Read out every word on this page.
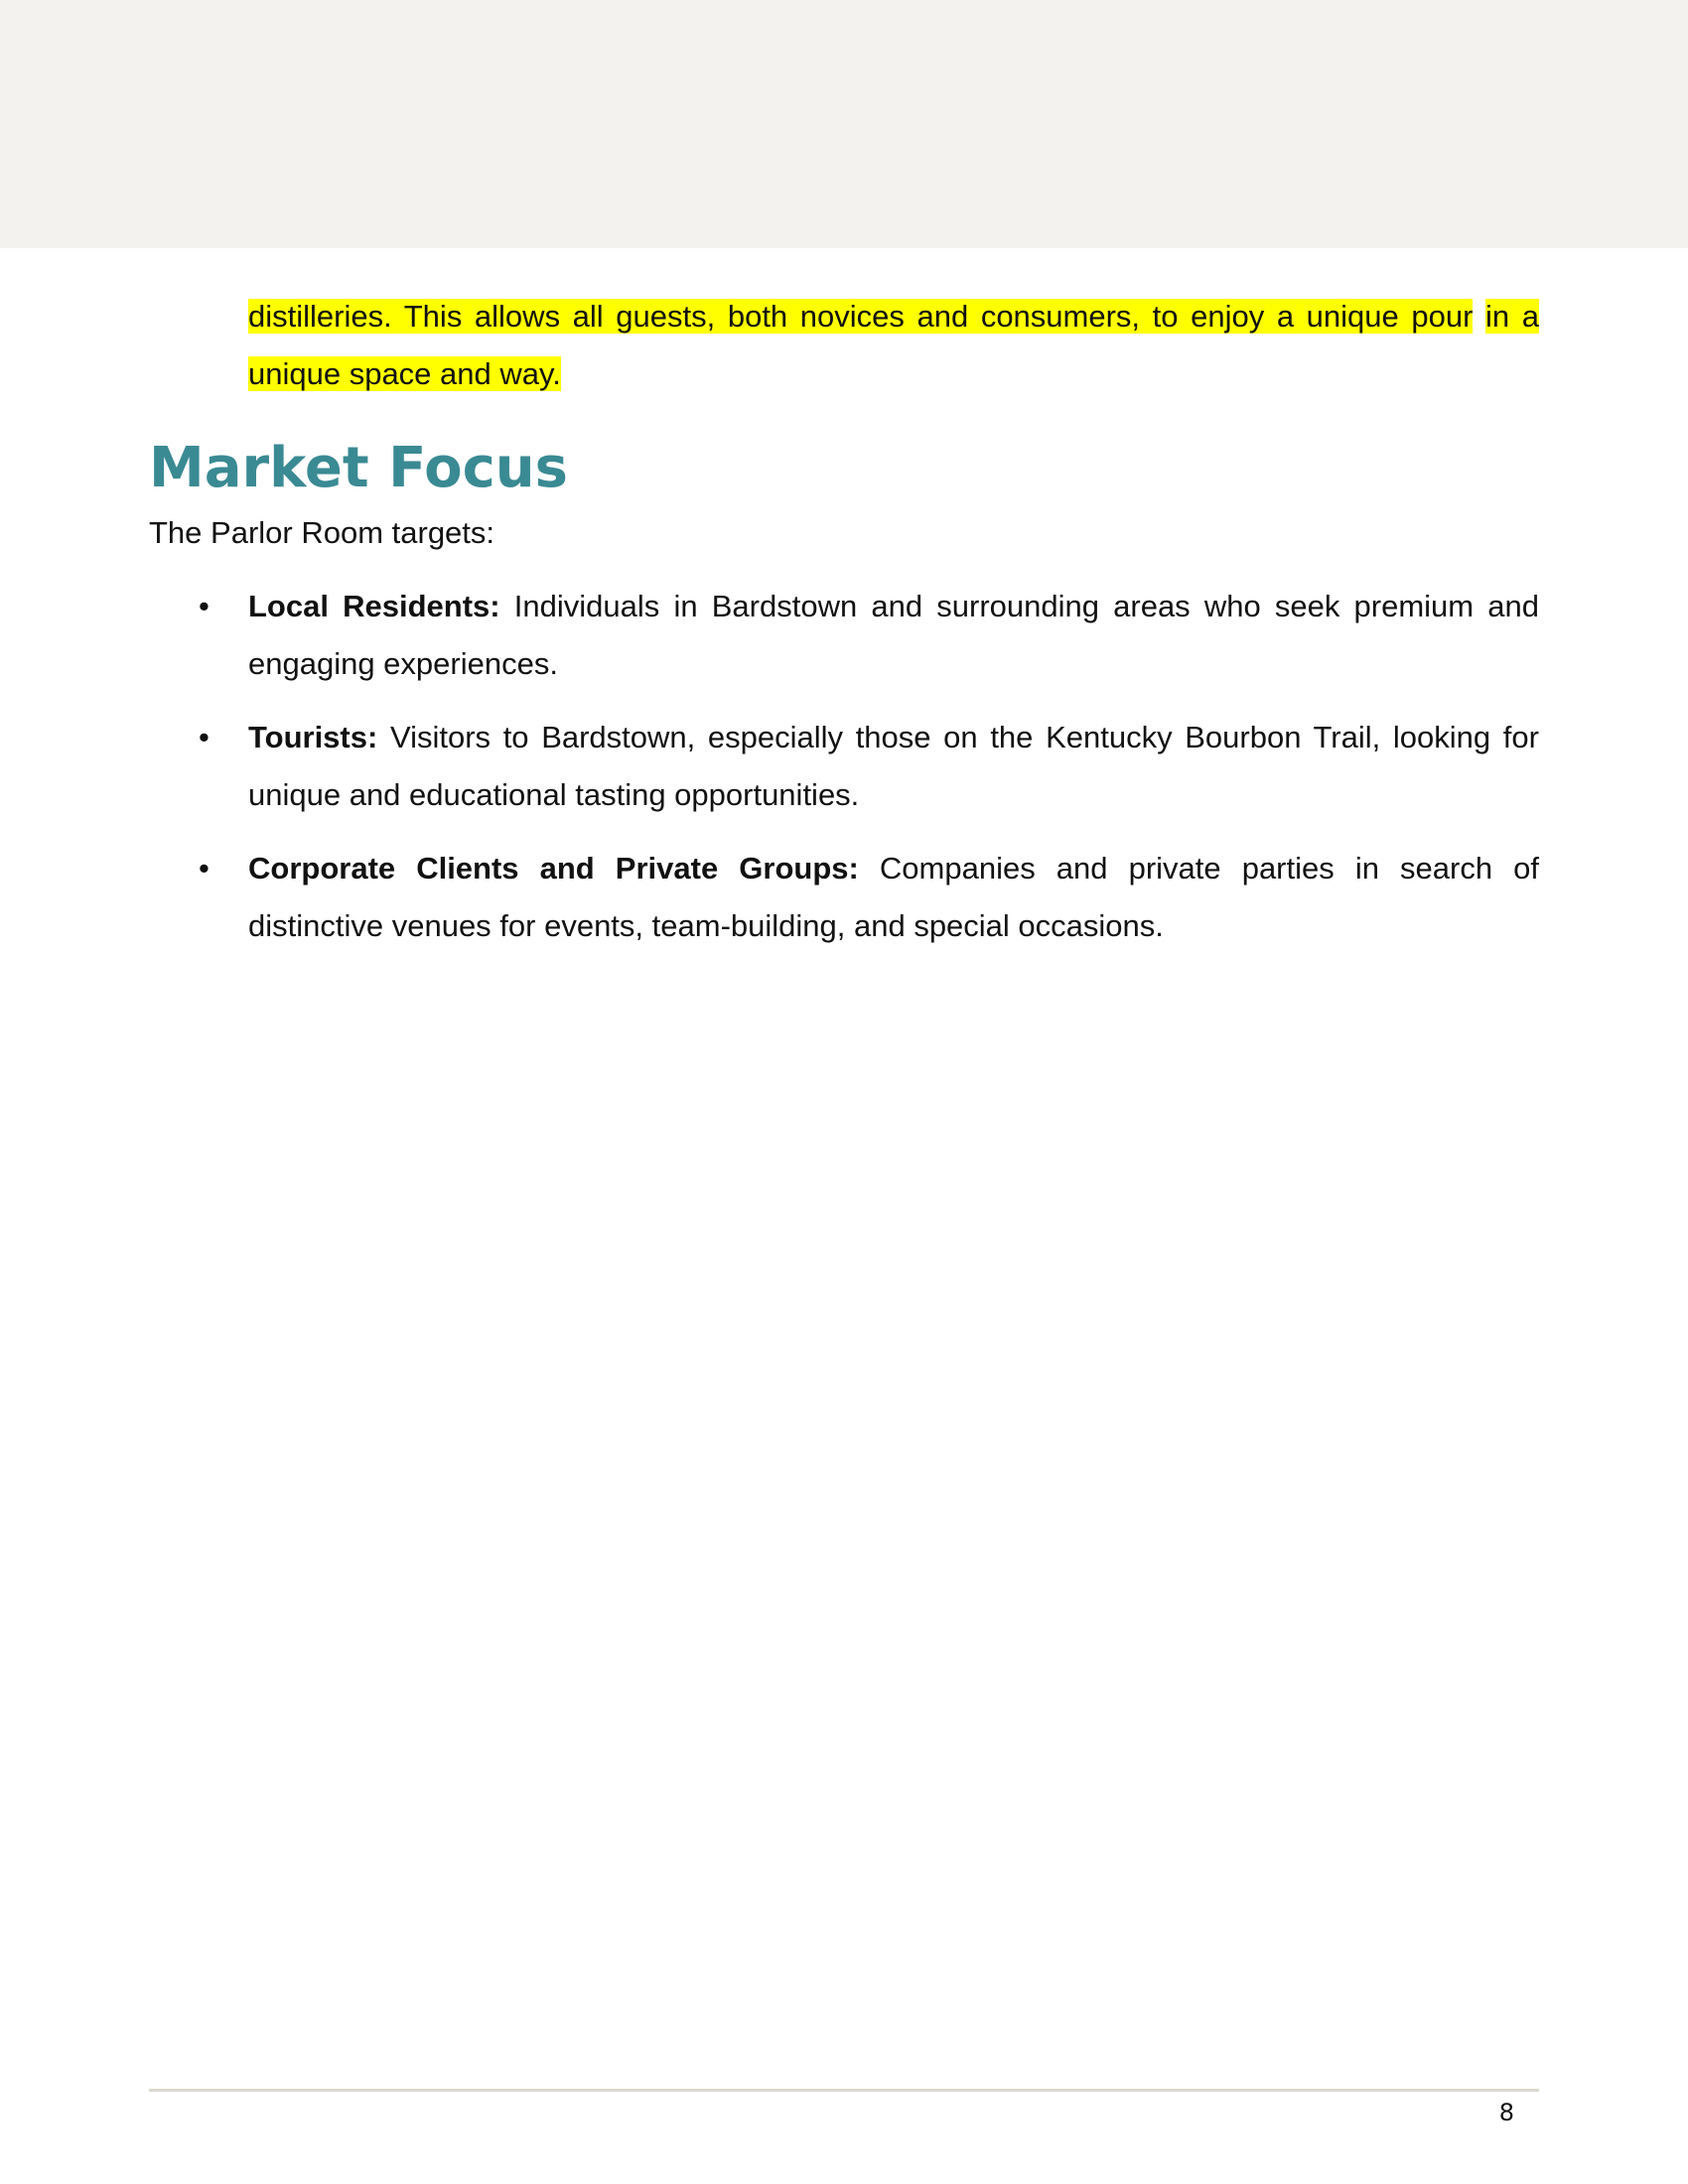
distilleries. This allows all guests, both novices and consumers, to enjoy a unique pour in a unique space and way.

Market Focus

The Parlor Room targets:

• Local Residents: Individuals in Bardstown and surrounding areas who seek premium and engaging experiences.
• Tourists: Visitors to Bardstown, especially those on the Kentucky Bourbon Trail, looking for unique and educational tasting opportunities.
• Corporate Clients and Private Groups: Companies and private parties in search of distinctive venues for events, team-building, and special occasions.
8
